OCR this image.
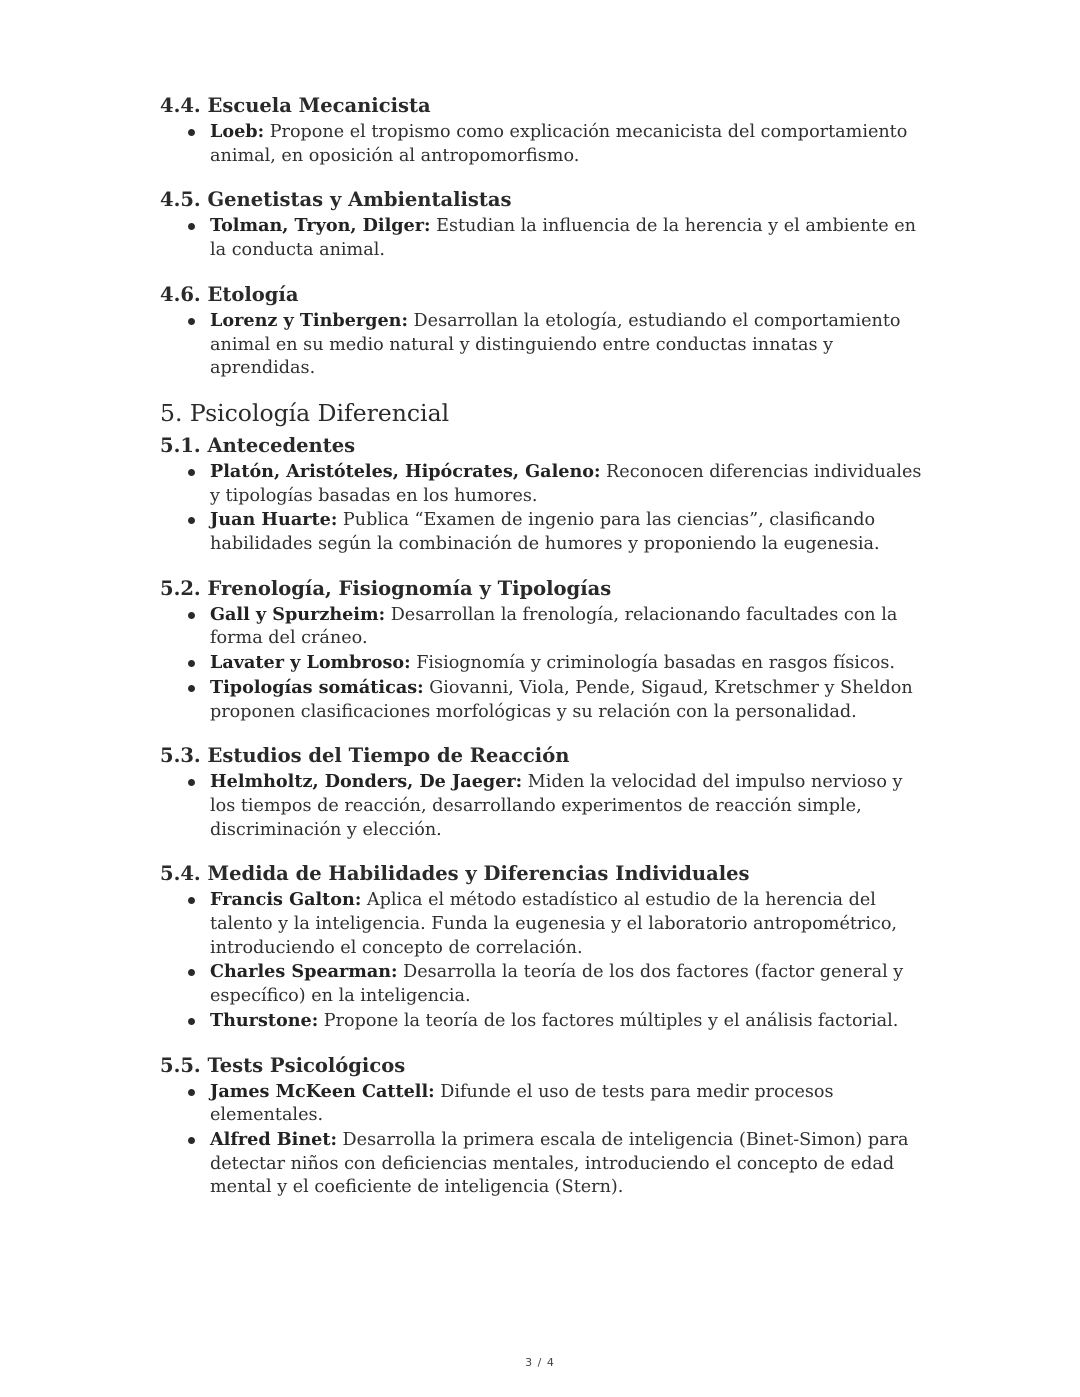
4.4. Escuela Mecanicista
Loeb: Propone el tropismo como explicación mecanicista del comportamiento animal, en oposición al antropomorfismo.
4.5. Genetistas y Ambientalistas
Tolman, Tryon, Dilger: Estudian la influencia de la herencia y el ambiente en la conducta animal.
4.6. Etología
Lorenz y Tinbergen: Desarrollan la etología, estudiando el comportamiento animal en su medio natural y distinguiendo entre conductas innatas y aprendidas.
5. Psicología Diferencial
5.1. Antecedentes
Platón, Aristóteles, Hipócrates, Galeno: Reconocen diferencias individuales y tipologías basadas en los humores.
Juan Huarte: Publica “Examen de ingenio para las ciencias”, clasificando habilidades según la combinación de humores y proponiendo la eugenesia.
5.2. Frenología, Fisiognomía y Tipologías
Gall y Spurzheim: Desarrollan la frenología, relacionando facultades con la forma del cráneo.
Lavater y Lombroso: Fisiognomía y criminología basadas en rasgos físicos.
Tipologías somáticas: Giovanni, Viola, Pende, Sigaud, Kretschmer y Sheldon proponen clasificaciones morfológicas y su relación con la personalidad.
5.3. Estudios del Tiempo de Reacción
Helmholtz, Donders, De Jaeger: Miden la velocidad del impulso nervioso y los tiempos de reacción, desarrollando experimentos de reacción simple, discriminación y elección.
5.4. Medida de Habilidades y Diferencias Individuales
Francis Galton: Aplica el método estadístico al estudio de la herencia del talento y la inteligencia. Funda la eugenesia y el laboratorio antropométrico, introduciendo el concepto de correlación.
Charles Spearman: Desarrolla la teoría de los dos factores (factor general y específico) en la inteligencia.
Thurstone: Propone la teoría de los factores múltiples y el análisis factorial.
5.5. Tests Psicológicos
James McKeen Cattell: Difunde el uso de tests para medir procesos elementales.
Alfred Binet: Desarrolla la primera escala de inteligencia (Binet-Simon) para detectar niños con deficiencias mentales, introduciendo el concepto de edad mental y el coeficiente de inteligencia (Stern).
3 / 4
